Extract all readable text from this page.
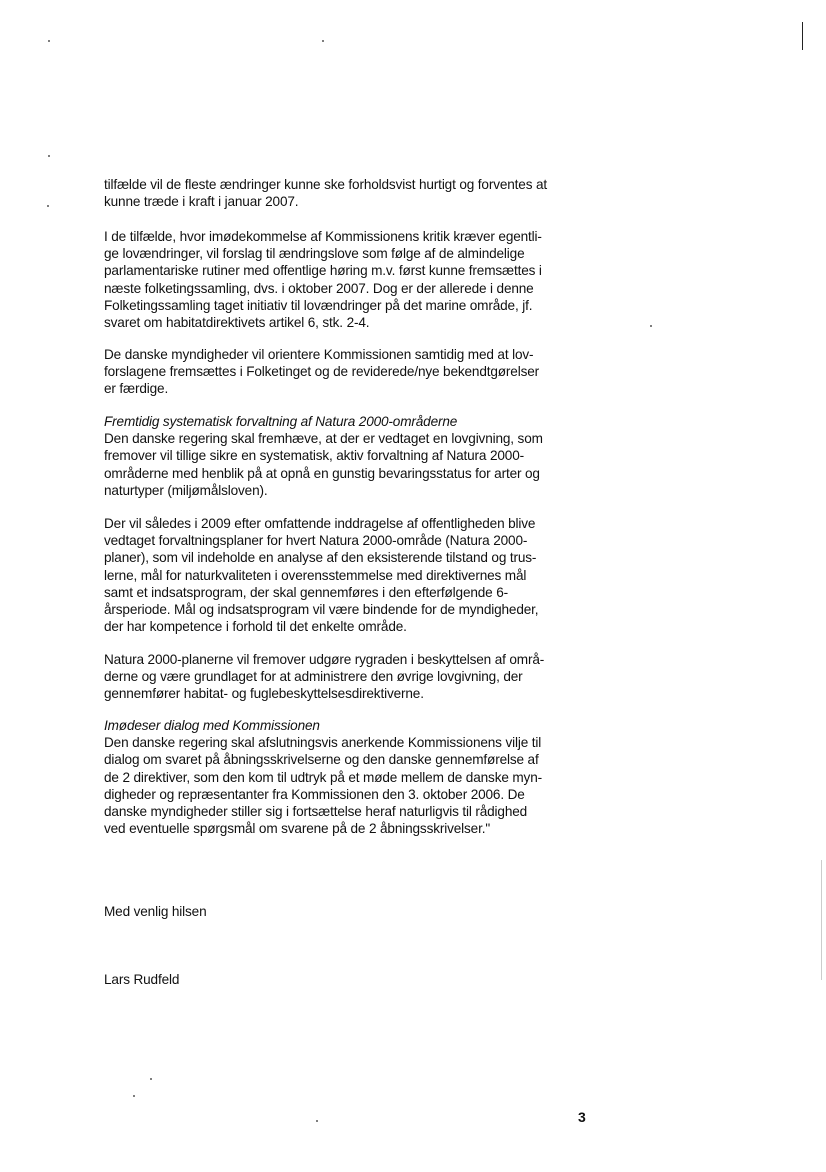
tilfælde vil de fleste ændringer kunne ske forholdsvist hurtigt og forventes at
kunne træde i kraft i januar 2007.
I de tilfælde, hvor imødekommelse af Kommissionens kritik kræver egentli-
ge lovændringer, vil forslag til ændringslove som følge af de almindelige
parlamentariske rutiner med offentlige høring m.v. først kunne fremsættes i
næste folketingssamling, dvs. i oktober 2007. Dog er der allerede i denne
Folketingssamling taget initiativ til lovændringer på det marine område, jf.
svaret om habitatdirektivets artikel 6, stk. 2-4.
De danske myndigheder vil orientere Kommissionen samtidig med at lov-
forslagene fremsættes i Folketinget og de reviderede/nye bekendtgørelser
er færdige.
Fremtidig systematisk forvaltning af Natura 2000-områderne
Den danske regering skal fremhæve, at der er vedtaget en lovgivning, som
fremover vil tillige sikre en systematisk, aktiv forvaltning af Natura 2000-
områderne med henblik på at opnå en gunstig bevaringsstatus for arter og
naturtyper (miljømålsloven).
Der vil således i 2009 efter omfattende inddragelse af offentligheden blive
vedtaget forvaltningsplaner for hvert Natura 2000-område (Natura 2000-
planer), som vil indeholde en analyse af den eksisterende tilstand og trus-
lerne, mål for naturkvaliteten i overensstemmelse med direktivernes mål
samt et indsatsprogram, der skal gennemføres i den efterfølgende 6-
årsperiode. Mål og indsatsprogram vil være bindende for de myndigheder,
der har kompetence i forhold til det enkelte område.
Natura 2000-planerne vil fremover udgøre rygraden i beskyttelsen af områ-
derne og være grundlaget for at administrere den øvrige lovgivning, der
gennemfører habitat- og fuglebeskyttelsesdirektiverne.
Imødeser dialog med Kommissionen
Den danske regering skal afslutningsvis anerkende Kommissionens vilje til
dialog om svaret på åbningsskrivelserne og den danske gennemførelse af
de 2 direktiver, som den kom til udtryk på et møde mellem de danske myn-
digheder og repræsentanter fra Kommissionen den 3. oktober 2006. De
danske myndigheder stiller sig i fortsættelse heraf naturligvis til rådighed
ved eventuelle spørgsmål om svarene på de 2 åbningsskrivelser."
Med venlig hilsen
Lars Rudfeld
3
